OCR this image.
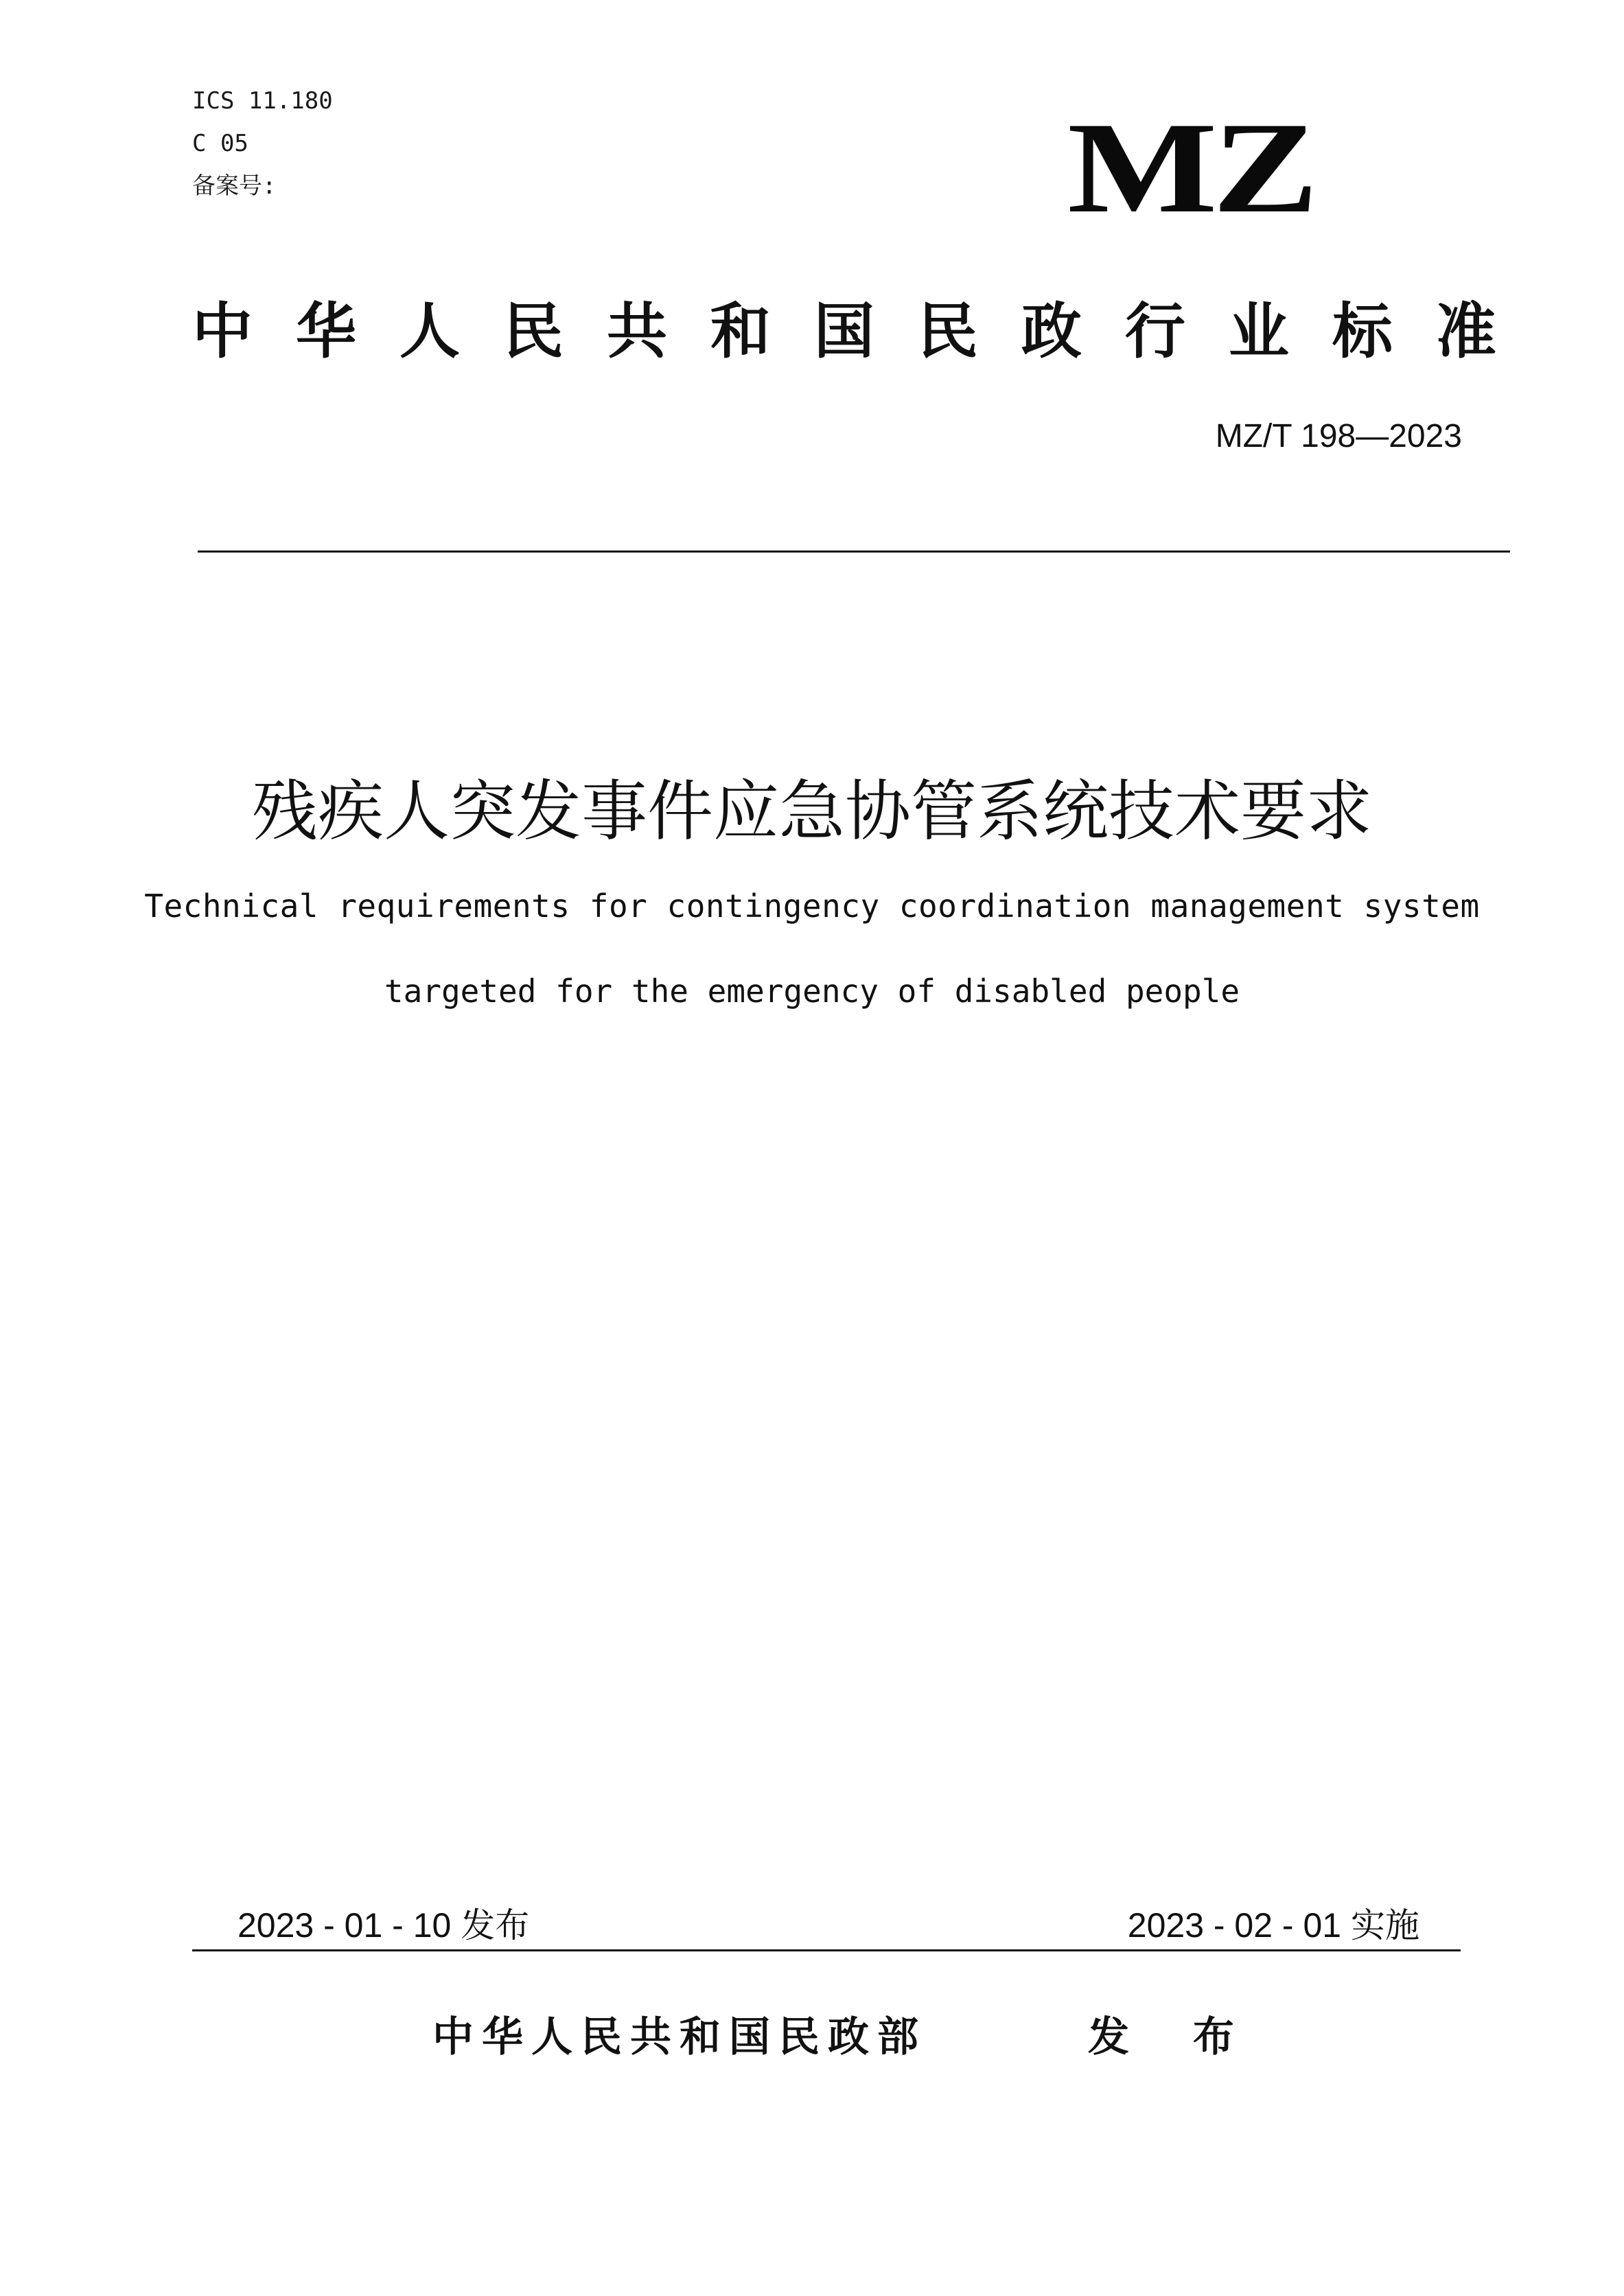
ICS 11.180
C 05
备案号:	MZ
中 华 人 民 共 和 国 民 政 行 业 标 准
MZ/T 198—2023
残疾人突发事件应急协管系统技术要求
Technical requirements for contingency coordination management system
targeted for the emergency of disabled people
2023 - 01 - 10 发布	2023 - 02 - 01 实施
中华人民共和国民政部	发 布
